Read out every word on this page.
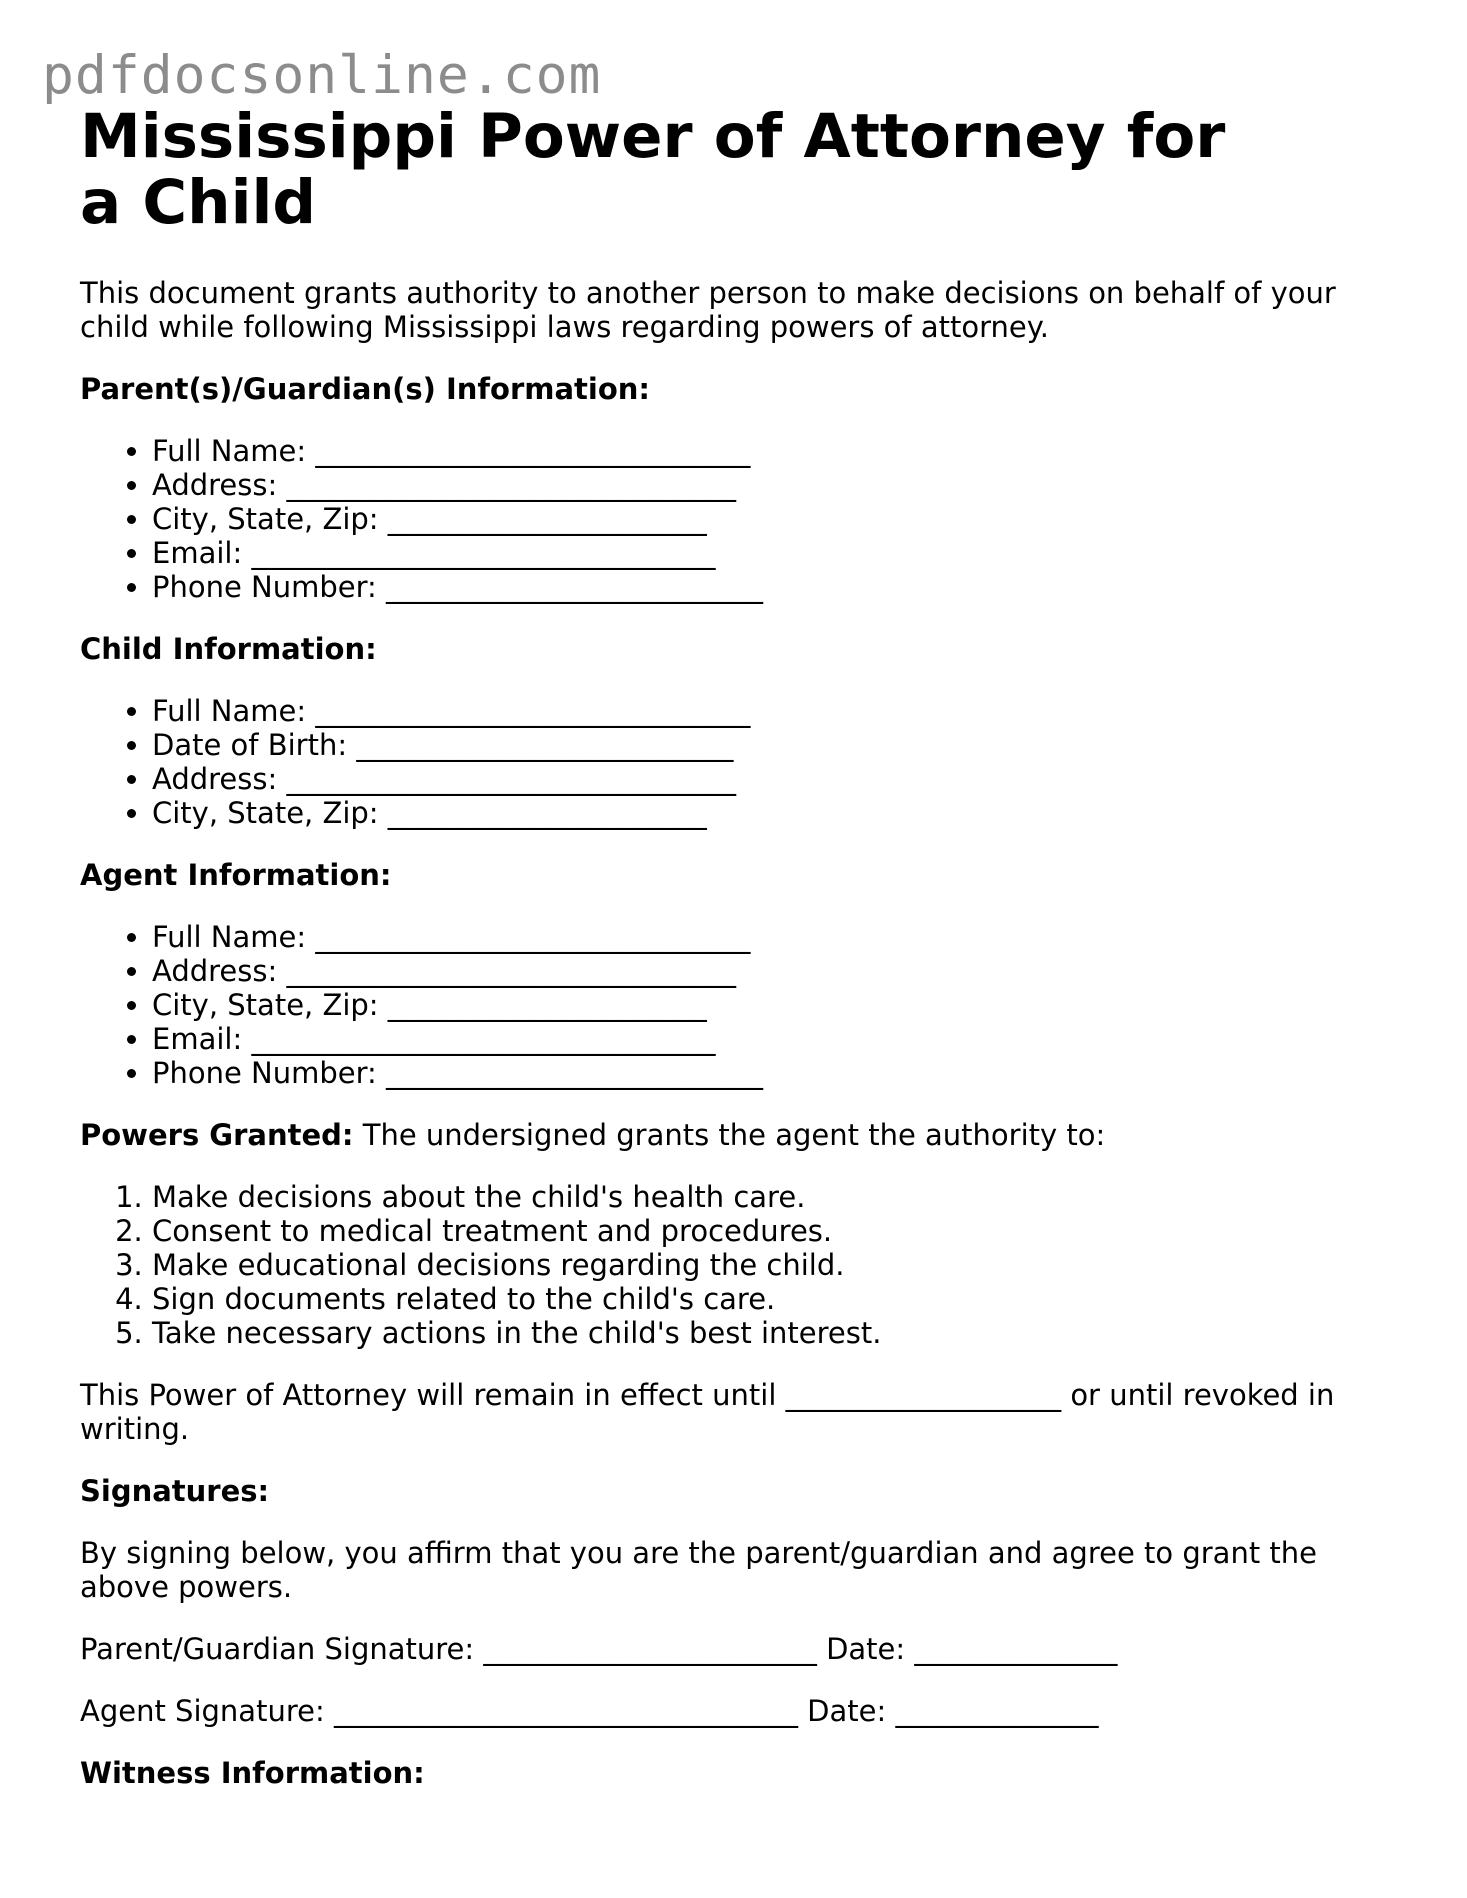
pdfdocsonline.com
Mississippi Power of Attorney for a Child

This document grants authority to another person to make decisions on behalf of your child while following Mississippi laws regarding powers of attorney.

Parent(s)/Guardian(s) Information:

• Full Name: ______________________________
• Address: _______________________________
• City, State, Zip: ______________________
• Email: ________________________________
• Phone Number: __________________________

Child Information:

• Full Name: ______________________________
• Date of Birth: __________________________
• Address: _______________________________
• City, State, Zip: ______________________

Agent Information:

• Full Name: ______________________________
• Address: _______________________________
• City, State, Zip: ______________________
• Email: ________________________________
• Phone Number: __________________________

Powers Granted: The undersigned grants the agent the authority to:

1. Make decisions about the child's health care.
2. Consent to medical treatment and procedures.
3. Make educational decisions regarding the child.
4. Sign documents related to the child's care.
5. Take necessary actions in the child's best interest.

This Power of Attorney will remain in effect until ___________________ or until revoked in writing.

Signatures:

By signing below, you affirm that you are the parent/guardian and agree to grant the above powers.

Parent/Guardian Signature: _______________________ Date: ______________

Agent Signature: ________________________________ Date: ______________

Witness Information:
